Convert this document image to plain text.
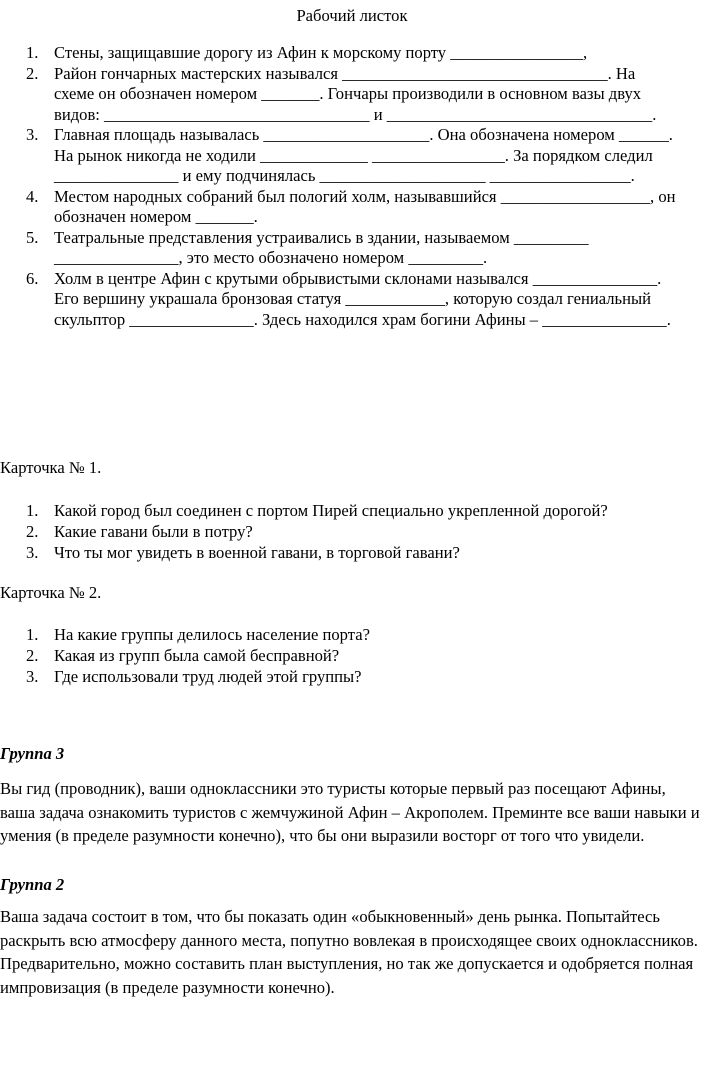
Рабочий листок
1. Стены, защищавшие дорогу из Афин к морскому порту ________________,
2. Район гончарных мастерских назывался ________________________________. На схеме он обозначен номером _______. Гончары производили в основном вазы двух видов: ________________________________ и ________________________________.
3. Главная площадь называлась ____________________. Она обозначена номером ______. На рынок никогда не ходили _____________ ________________. За порядком следил _______________ и ему подчинялась ____________________ _________________.
4. Местом народных собраний был пологий холм, называвшийся __________________, он обозначен номером _______.
5. Театральные представления устраивались в здании, называемом _________ _______________, это место обозначено номером _________.
6. Холм в центре Афин с крутыми обрывистыми склонами назывался _______________. Его вершину украшала бронзовая статуя ____________, которую создал гениальный скульптор _______________. Здесь находился храм богини Афины – _______________.
Карточка № 1.
1. Какой город был соединен с портом Пирей специально укрепленной дорогой?
2. Какие гавани были в потру?
3. Что ты мог увидеть в военной гавани, в торговой гавани?
Карточка № 2.
1. На какие группы делилось население порта?
2. Какая из групп была самой бесправной?
3. Где использовали труд людей этой группы?
Группа 3
Вы гид (проводник), ваши одноклассники это туристы которые первый раз посещают Афины, ваша задача ознакомить туристов с жемчужиной Афин – Акрополем. Преминте все ваши навыки и умения (в пределе разумности конечно), что бы они выразили восторг от того что увидели.
Группа 2
Ваша задача состоит в том, что бы показать один «обыкновенный» день рынка. Попытайтесь раскрыть всю атмосферу данного места, попутно вовлекая в происходящее своих одноклассников. Предварительно, можно составить план выступления, но так же допускается и одобряется полная импровизация (в пределе разумности конечно).
